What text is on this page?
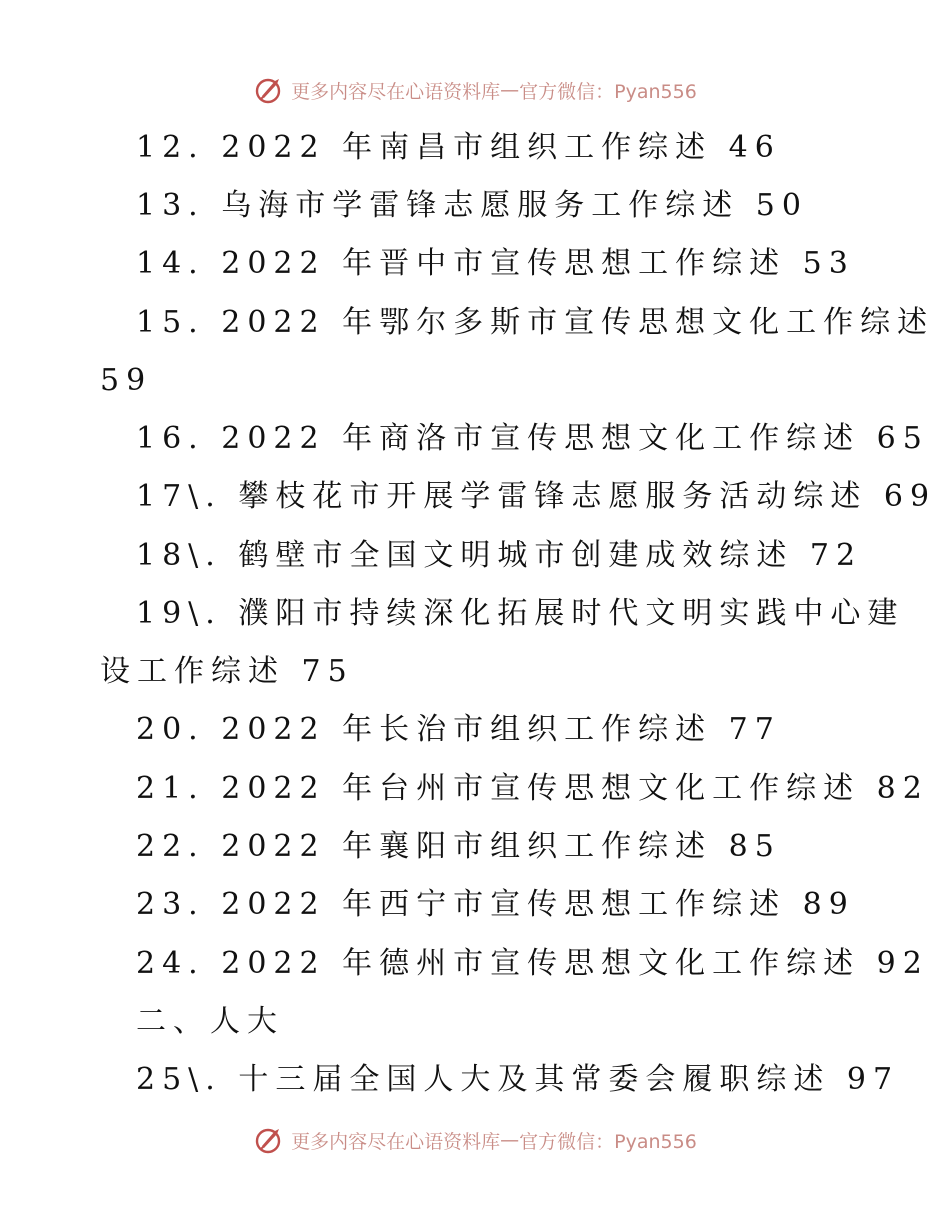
更多内容尽在心语资料库 — 官方微信：Pyan556
12. 2022 年南昌市组织工作综述 46
13. 乌海市学雷锋志愿服务工作综述 50
14. 2022 年晋中市宣传思想工作综述 53
15. 2022 年鄂尔多斯市宣传思想文化工作综述
59
16. 2022 年商洛市宣传思想文化工作综述 65
17\. 攀枝花市开展学雷锋志愿服务活动综述 69
18\. 鹤壁市全国文明城市创建成效综述 72
19\. 濮阳市持续深化拓展时代文明实践中心建
设工作综述 75
20. 2022 年长治市组织工作综述 77
21. 2022 年台州市宣传思想文化工作综述 82
22. 2022 年襄阳市组织工作综述 85
23. 2022 年西宁市宣传思想工作综述 89
24. 2022 年德州市宣传思想文化工作综述 92
二、人大
25\. 十三届全国人大及其常委会履职综述 97
更多内容尽在心语资料库 — 官方微信：Pyan556
